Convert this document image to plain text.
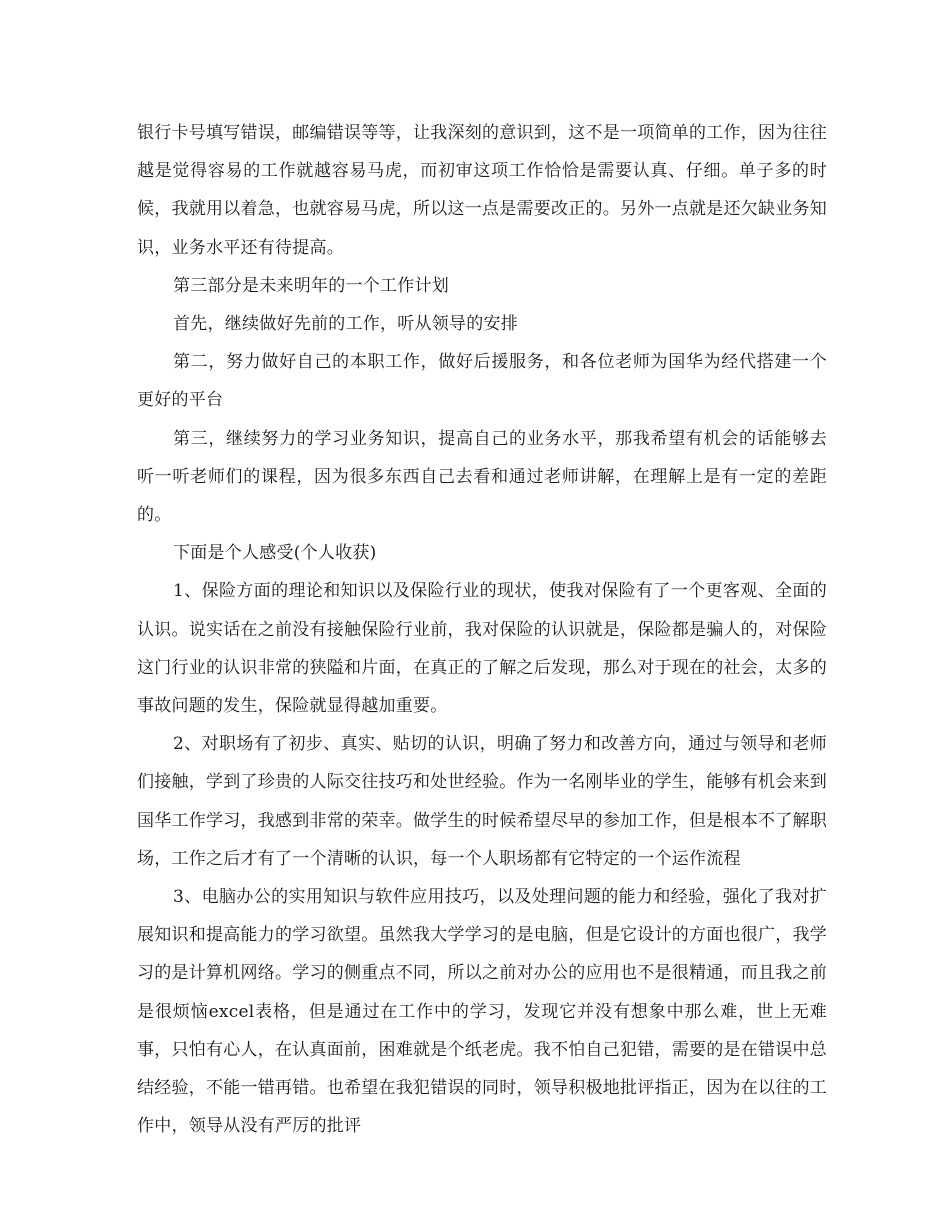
银行卡号填写错误，邮编错误等等，让我深刻的意识到，这不是一项简单的工作，因为往往越是觉得容易的工作就越容易马虎，而初审这项工作恰恰是需要认真、仔细。单子多的时候，我就用以着急，也就容易马虎，所以这一点是需要改正的。另外一点就是还欠缺业务知识，业务水平还有待提高。

第三部分是未来明年的一个工作计划

首先，继续做好先前的工作，听从领导的安排

第二，努力做好自己的本职工作，做好后援服务，和各位老师为国华为经代搭建一个更好的平台

第三，继续努力的学习业务知识，提高自己的业务水平，那我希望有机会的话能够去听一听老师们的课程，因为很多东西自己去看和通过老师讲解，在理解上是有一定的差距的。

下面是个人感受(个人收获)

1、保险方面的理论和知识以及保险行业的现状，使我对保险有了一个更客观、全面的认识。说实话在之前没有接触保险行业前，我对保险的认识就是，保险都是骗人的，对保险这门行业的认识非常的狭隘和片面，在真正的了解之后发现，那么对于现在的社会，太多的事故问题的发生，保险就显得越加重要。

2、对职场有了初步、真实、贴切的认识，明确了努力和改善方向，通过与领导和老师们接触，学到了珍贵的人际交往技巧和处世经验。作为一名刚毕业的学生，能够有机会来到国华工作学习，我感到非常的荣幸。做学生的时候希望尽早的参加工作，但是根本不了解职场，工作之后才有了一个清晰的认识，每一个人职场都有它特定的一个运作流程

3、电脑办公的实用知识与软件应用技巧，以及处理问题的能力和经验，强化了我对扩展知识和提高能力的学习欲望。虽然我大学学习的是电脑，但是它设计的方面也很广，我学习的是计算机网络。学习的侧重点不同，所以之前对办公的应用也不是很精通，而且我之前是很烦恼excel表格，但是通过在工作中的学习，发现它并没有想象中那么难，世上无难事，只怕有心人，在认真面前，困难就是个纸老虎。我不怕自己犯错，需要的是在错误中总结经验，不能一错再错。也希望在我犯错误的同时，领导积极地批评指正，因为在以往的工作中，领导从没有严厉的批评
